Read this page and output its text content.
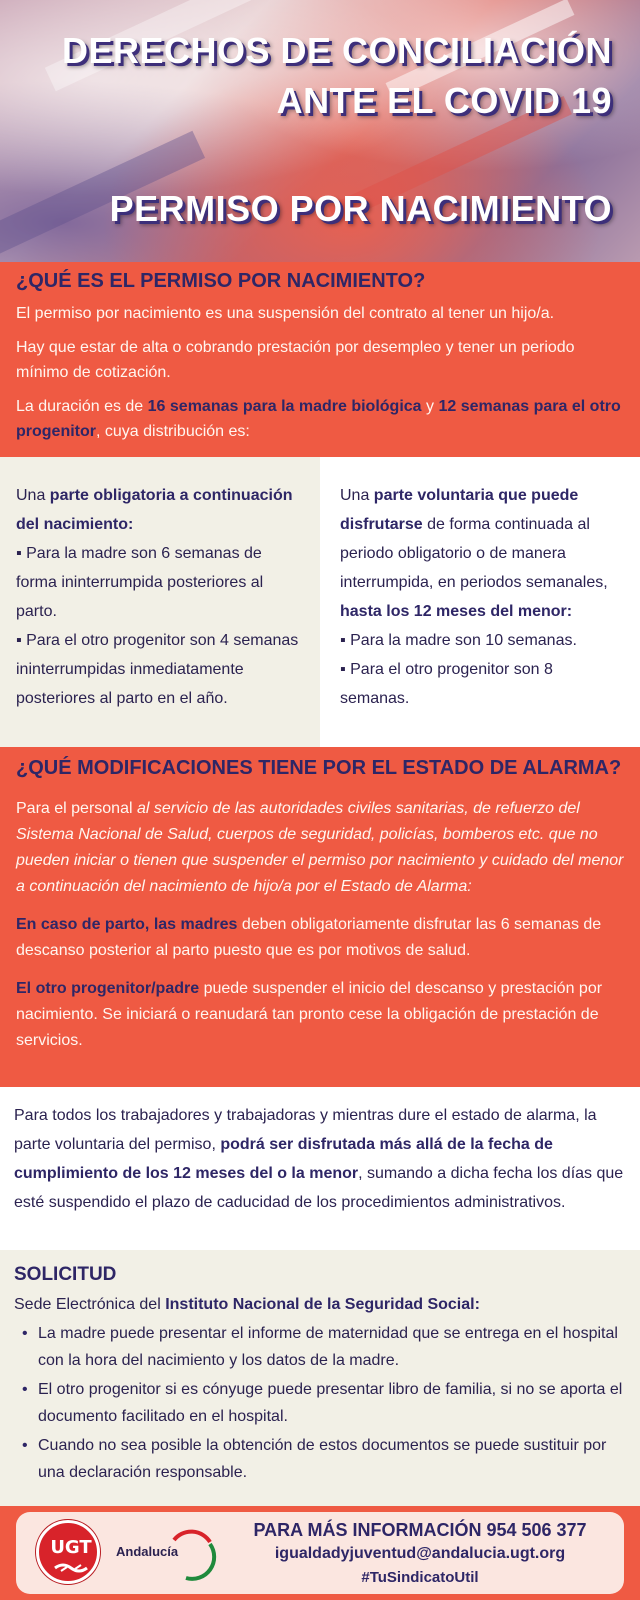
DERECHOS DE CONCILIACIÓN
ANTE EL COVID 19
PERMISO POR NACIMIENTO
¿QUÉ ES EL PERMISO POR NACIMIENTO?

El permiso por nacimiento es una suspensión del contrato al tener un hijo/a.

Hay que estar de alta o cobrando prestación por desempleo y tener un periodo mínimo de cotización.

La duración es de 16 semanas para la madre biológica y 12 semanas para el otro progenitor, cuya distribución es:

Una parte obligatoria a continuación del nacimiento:
▪ Para la madre son 6 semanas de forma ininterrumpida posteriores al parto.
▪ Para el otro progenitor son 4 semanas ininterrumpidas inmediatamente posteriores al parto en el año.
Una parte voluntaria que puede disfrutarse de forma continuada al periodo obligatorio o de manera interrumpida, en periodos semanales, hasta los 12 meses del menor:
▪ Para la madre son 10 semanas.
▪ Para el otro progenitor son 8 semanas.
¿QUÉ MODIFICACIONES TIENE POR EL ESTADO DE ALARMA?

Para el personal al servicio de las autoridades civiles sanitarias, de refuerzo del Sistema Nacional de Salud, cuerpos de seguridad, policías, bomberos etc. que no pueden iniciar o tienen que suspender el permiso por nacimiento y cuidado del menor a continuación del nacimiento de hijo/a por el Estado de Alarma:

En caso de parto, las madres deben obligatoriamente disfrutar las 6 semanas de descanso posterior al parto puesto que es por motivos de salud.

El otro progenitor/padre puede suspender el inicio del descanso y prestación por nacimiento. Se iniciará o reanudará tan pronto cese la obligación de prestación de servicios.

Para todos los trabajadores y trabajadoras y mientras dure el estado de alarma, la parte voluntaria del permiso, podrá ser disfrutada más allá de la fecha de cumplimiento de los 12 meses del o la menor, sumando a dicha fecha los días que esté suspendido el plazo de caducidad de los procedimientos administrativos.
SOLICITUD
Sede Electrónica del Instituto Nacional de la Seguridad Social:
• La madre puede presentar el informe de maternidad que se entrega en el hospital con la hora del nacimiento y los datos de la madre.
• El otro progenitor si es cónyuge puede presentar libro de familia, si no se aporta el documento facilitado en el hospital.
• Cuando no sea posible la obtención de estos documentos se puede sustituir por una declaración responsable.
UGT Andalucía
PARA MÁS INFORMACIÓN 954 506 377
igualdadyjuventud@andalucia.ugt.org
#TuSindicatoUtil
